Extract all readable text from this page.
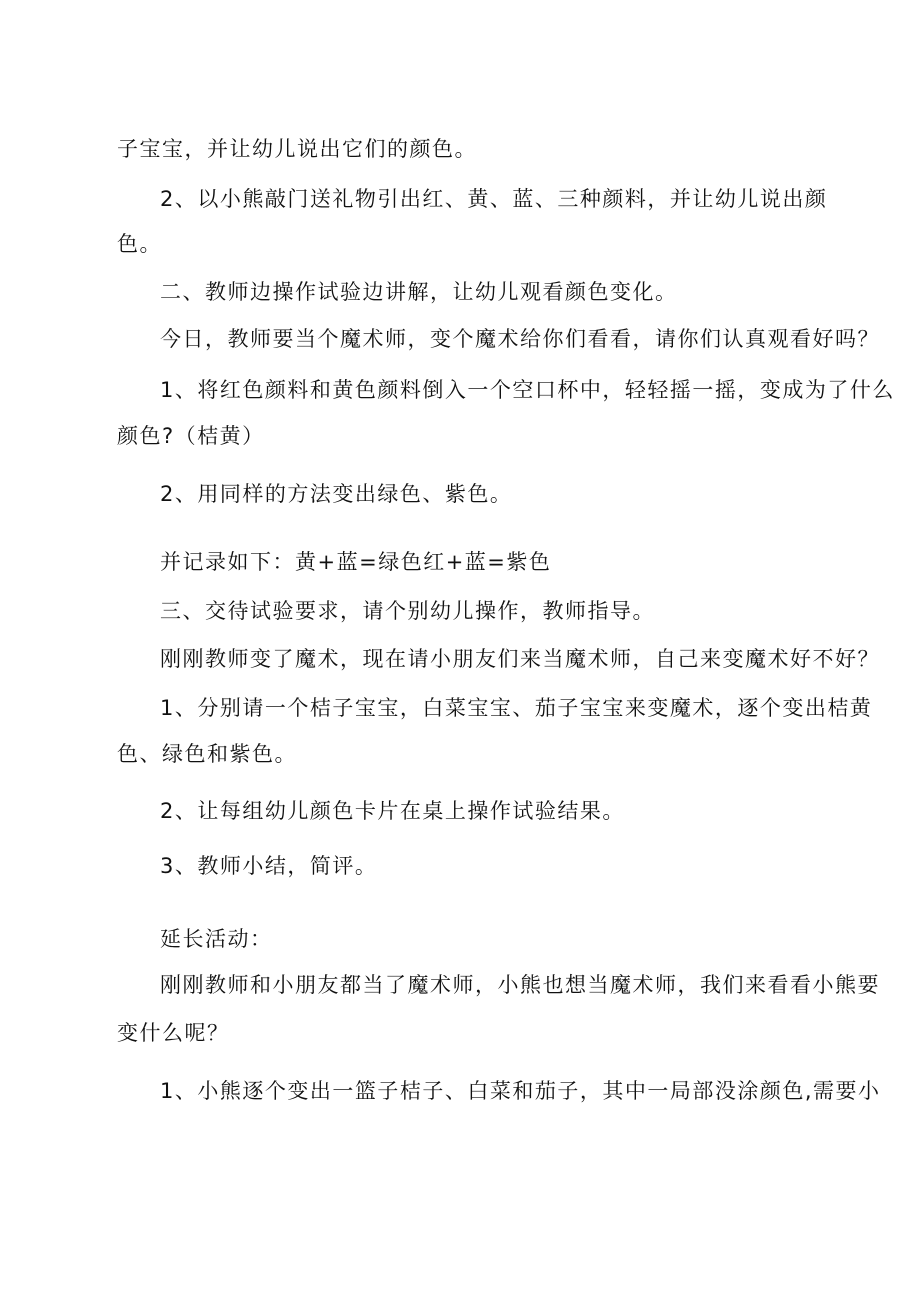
子宝宝，并让幼儿说出它们的颜色。

2、以小熊敲门送礼物引出红、黄、蓝、三种颜料，并让幼儿说出颜

色。

二、教师边操作试验边讲解，让幼儿观看颜色变化。

今日，教师要当个魔术师，变个魔术给你们看看，请你们认真观看好吗？

1、将红色颜料和黄色颜料倒入一个空口杯中，轻轻摇一摇，变成为了什么

颜色?（桔黄）

2、用同样的方法变出绿色、紫色。

并记录如下：黄+蓝=绿色红+蓝=紫色

三、交待试验要求，请个别幼儿操作，教师指导。

刚刚教师变了魔术，现在请小朋友们来当魔术师，自己来变魔术好不好？

1、分别请一个桔子宝宝，白菜宝宝、茄子宝宝来变魔术，逐个变出桔黄

色、绿色和紫色。

2、让每组幼儿颜色卡片在桌上操作试验结果。

3、教师小结，简评。

延长活动：

刚刚教师和小朋友都当了魔术师，小熊也想当魔术师，我们来看看小熊要

变什么呢？

1、小熊逐个变出一篮子桔子、白菜和茄子，其中一局部没涂颜色,需要小
